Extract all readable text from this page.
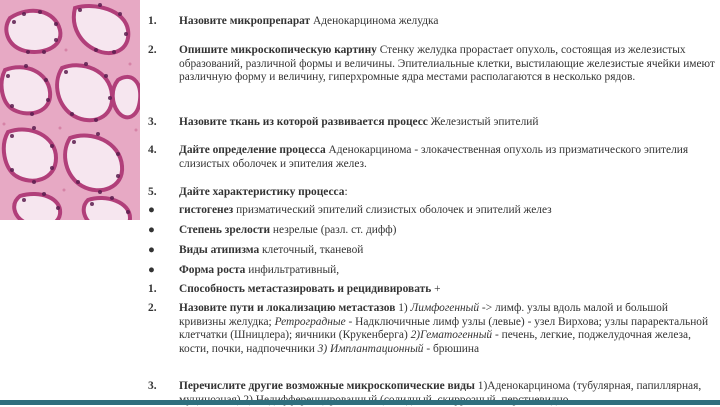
1.	Назовите микропрепарат Аденокарцинома желудка
2.	Опишите микроскопическую картину Стенку желудка прорастает опухоль, состоящая из железистых образований, различной формы и величины. Эпителиальные клетки, выстилающие железистые ячейки имеют различную форму и величину, гиперхромные ядра местами располагаются в несколько рядов.
3.	Назовите ткань из которой развивается процесс Железистый эпителий
4.	Дайте определение процесса Аденокарцинома - злокачественная опухоль из призматического эпителия слизистых оболочек и эпителия желез.
5.	Дайте характеристику процесса:
●	гистогенез призматический эпителий слизистых оболочек и эпителий желез
●	Степень зрелости незрелые (разл. ст. дифф)
●	Виды атипизма клеточный, тканевой
●	Форма роста инфильтративный,
1.	Способность метастазировать и рецидивировать +
2.	Назовите пути и локализацию метастазов 1) Лимфогенный -> лимф. узлы вдоль малой и большой кривизны желудка; Ретроградные - Надключичные лимф узлы (левые) - узел Вирхова; узлы параректальной клетчатки (Шницлера); яичники (Крукенберга) 2)Гематогенный - печень, легкие, поджелудочная железа, кости, почки, надпочечники 3) Имплантационный - брюшина
3.	Перечислите другие возможные микроскопические виды 1)Аденокарцинома (тубулярная, папиллярная,
